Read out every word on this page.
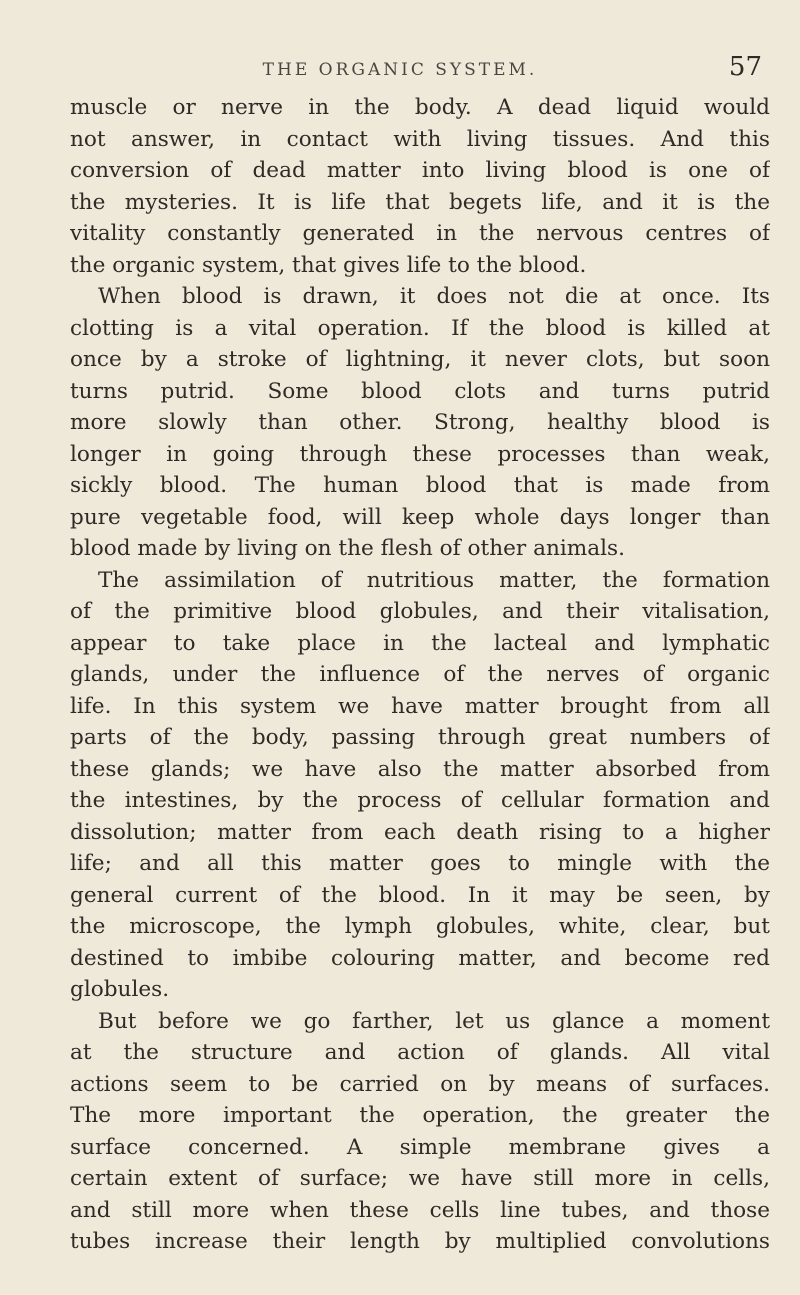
THE ORGANIC SYSTEM.	57
muscle or nerve in the body. A dead liquid would
not answer, in contact with living tissues. And this
conversion of dead matter into living blood is one of
the mysteries. It is life that begets life, and it is the
vitality constantly generated in the nervous centres of
the organic system, that gives life to the blood.
When blood is drawn, it does not die at once. Its
clotting is a vital operation. If the blood is killed at
once by a stroke of lightning, it never clots, but soon
turns putrid. Some blood clots and turns putrid
more slowly than other. Strong, healthy blood is
longer in going through these processes than weak,
sickly blood. The human blood that is made from
pure vegetable food, will keep whole days longer than
blood made by living on the flesh of other animals.
The assimilation of nutritious matter, the formation
of the primitive blood globules, and their vitalisation,
appear to take place in the lacteal and lymphatic
glands, under the influence of the nerves of organic
life. In this system we have matter brought from all
parts of the body, passing through great numbers of
these glands; we have also the matter absorbed from
the intestines, by the process of cellular formation and
dissolution; matter from each death rising to a higher
life; and all this matter goes to mingle with the
general current of the blood. In it may be seen, by
the microscope, the lymph globules, white, clear, but
destined to imbibe colouring matter, and become red
globules.
But before we go farther, let us glance a moment
at the structure and action of glands. All vital
actions seem to be carried on by means of surfaces.
The more important the operation, the greater the
surface concerned. A simple membrane gives a
certain extent of surface; we have still more in cells,
and still more when these cells line tubes, and those
tubes increase their length by multiplied convolutions
